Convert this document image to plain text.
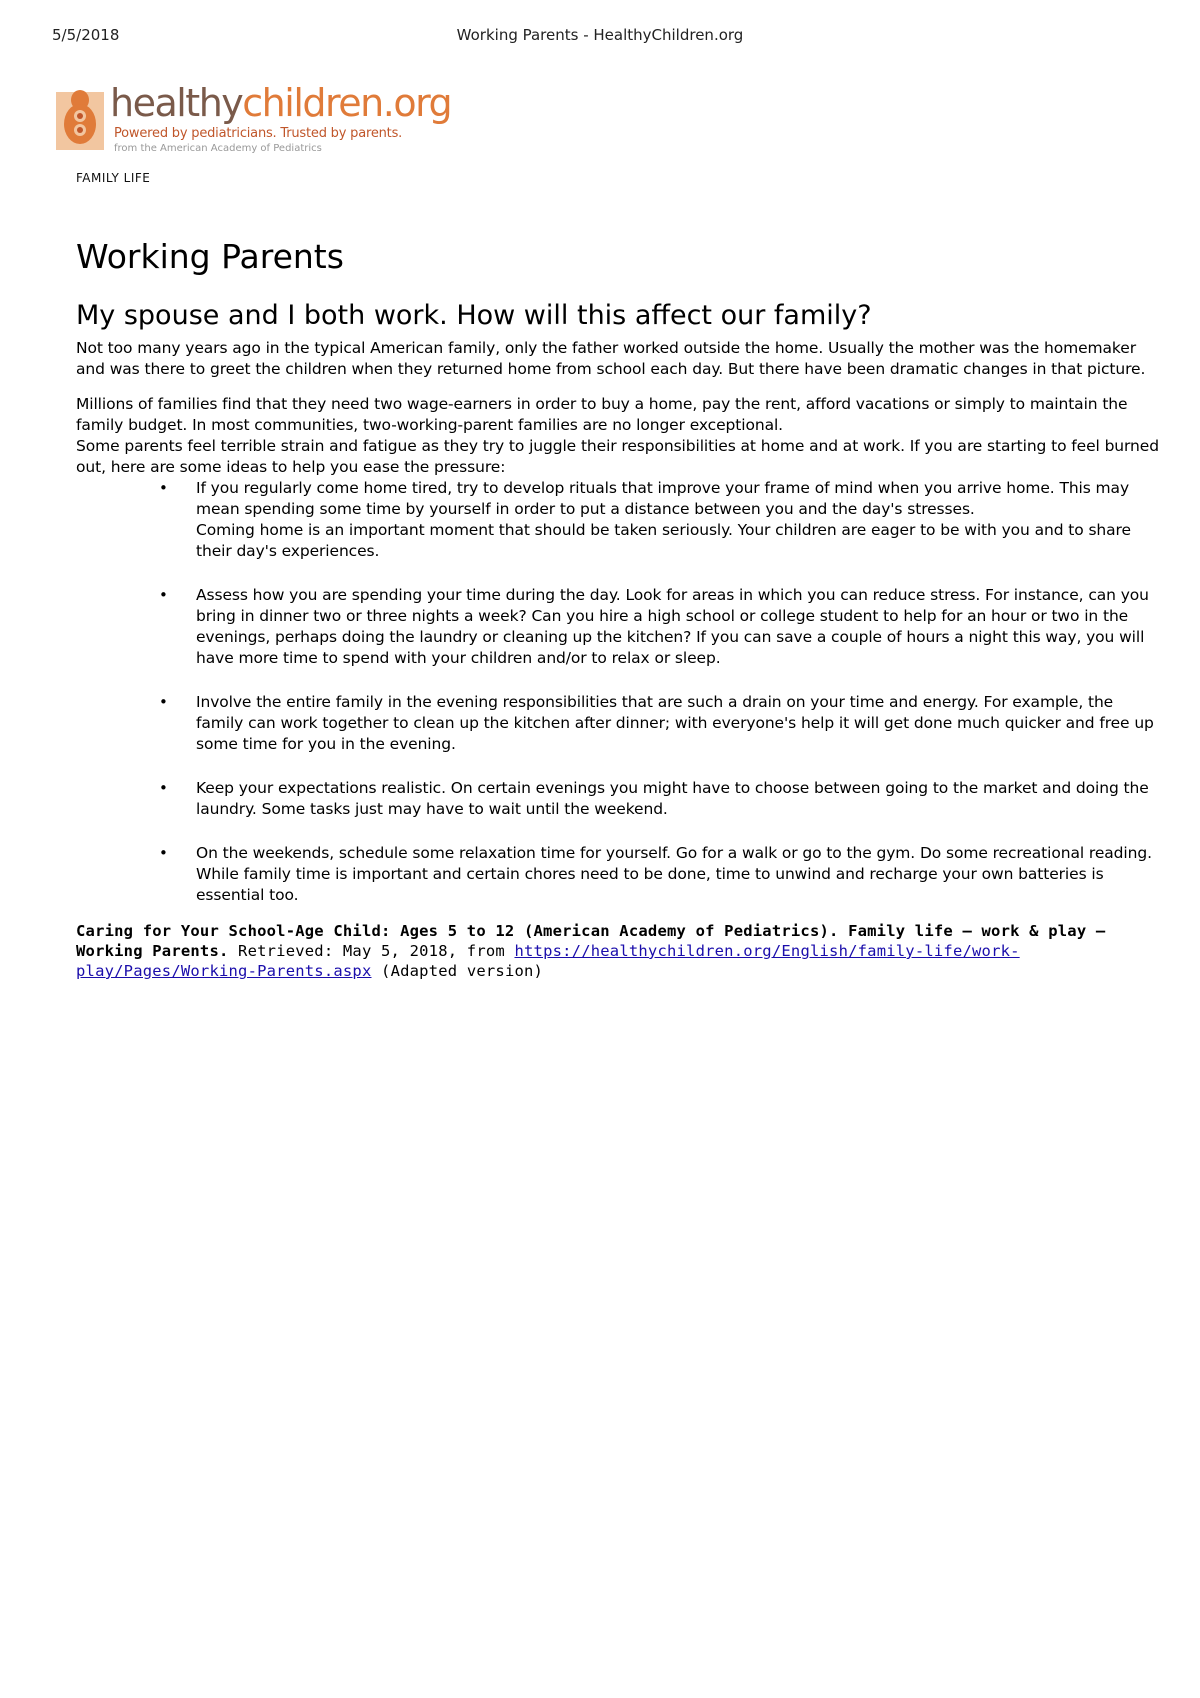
5/5/2018	Working Parents - HealthyChildren.org
healthychildren.org
Powered by pediatricians. Trusted by parents.
from the American Academy of Pediatrics
FAMILY LIFE
Working Parents
My spouse and I both work. How will this affect our family?

Not too many years ago in the typical American family, only the father worked outside the home. Usually the mother was the homemaker and was there to greet the children when they returned home from school each day. But there have been dramatic changes in that picture.

Millions of families find that they need two wage-earners in order to buy a home, pay the rent, afford vacations or simply to maintain the family budget. In most communities, two-working-parent families are no longer exceptional.

Some parents feel terrible strain and fatigue as they try to juggle their responsibilities at home and at work. If you are starting to feel burned out, here are some ideas to help you ease the pressure:

• If you regularly come home tired, try to develop rituals that improve your frame of mind when you arrive home. This may mean spending some time by yourself in order to put a distance between you and the day's stresses.
Coming home is an important moment that should be taken seriously. Your children are eager to be with you and to share their day's experiences.
• Assess how you are spending your time during the day. Look for areas in which you can reduce stress. For instance, can you bring in dinner two or three nights a week? Can you hire a high school or college student to help for an hour or two in the evenings, perhaps doing the laundry or cleaning up the kitchen? If you can save a couple of hours a night this way, you will have more time to spend with your children and/or to relax or sleep.
• Involve the entire family in the evening responsibilities that are such a drain on your time and energy. For example, the family can work together to clean up the kitchen after dinner; with everyone's help it will get done much quicker and free up some time for you in the evening.
• Keep your expectations realistic. On certain evenings you might have to choose between going to the market and doing the laundry. Some tasks just may have to wait until the weekend.
• On the weekends, schedule some relaxation time for yourself. Go for a walk or go to the gym. Do some recreational reading. While family time is important and certain chores need to be done, time to unwind and recharge your own batteries is essential too.
Caring for Your School-Age Child: Ages 5 to 12 (American Academy of Pediatrics). Family life – work & play – Working Parents. Retrieved: May 5, 2018, from https://healthychildren.org/English/family-life/work-play/Pages/Working-Parents.aspx (Adapted version)
